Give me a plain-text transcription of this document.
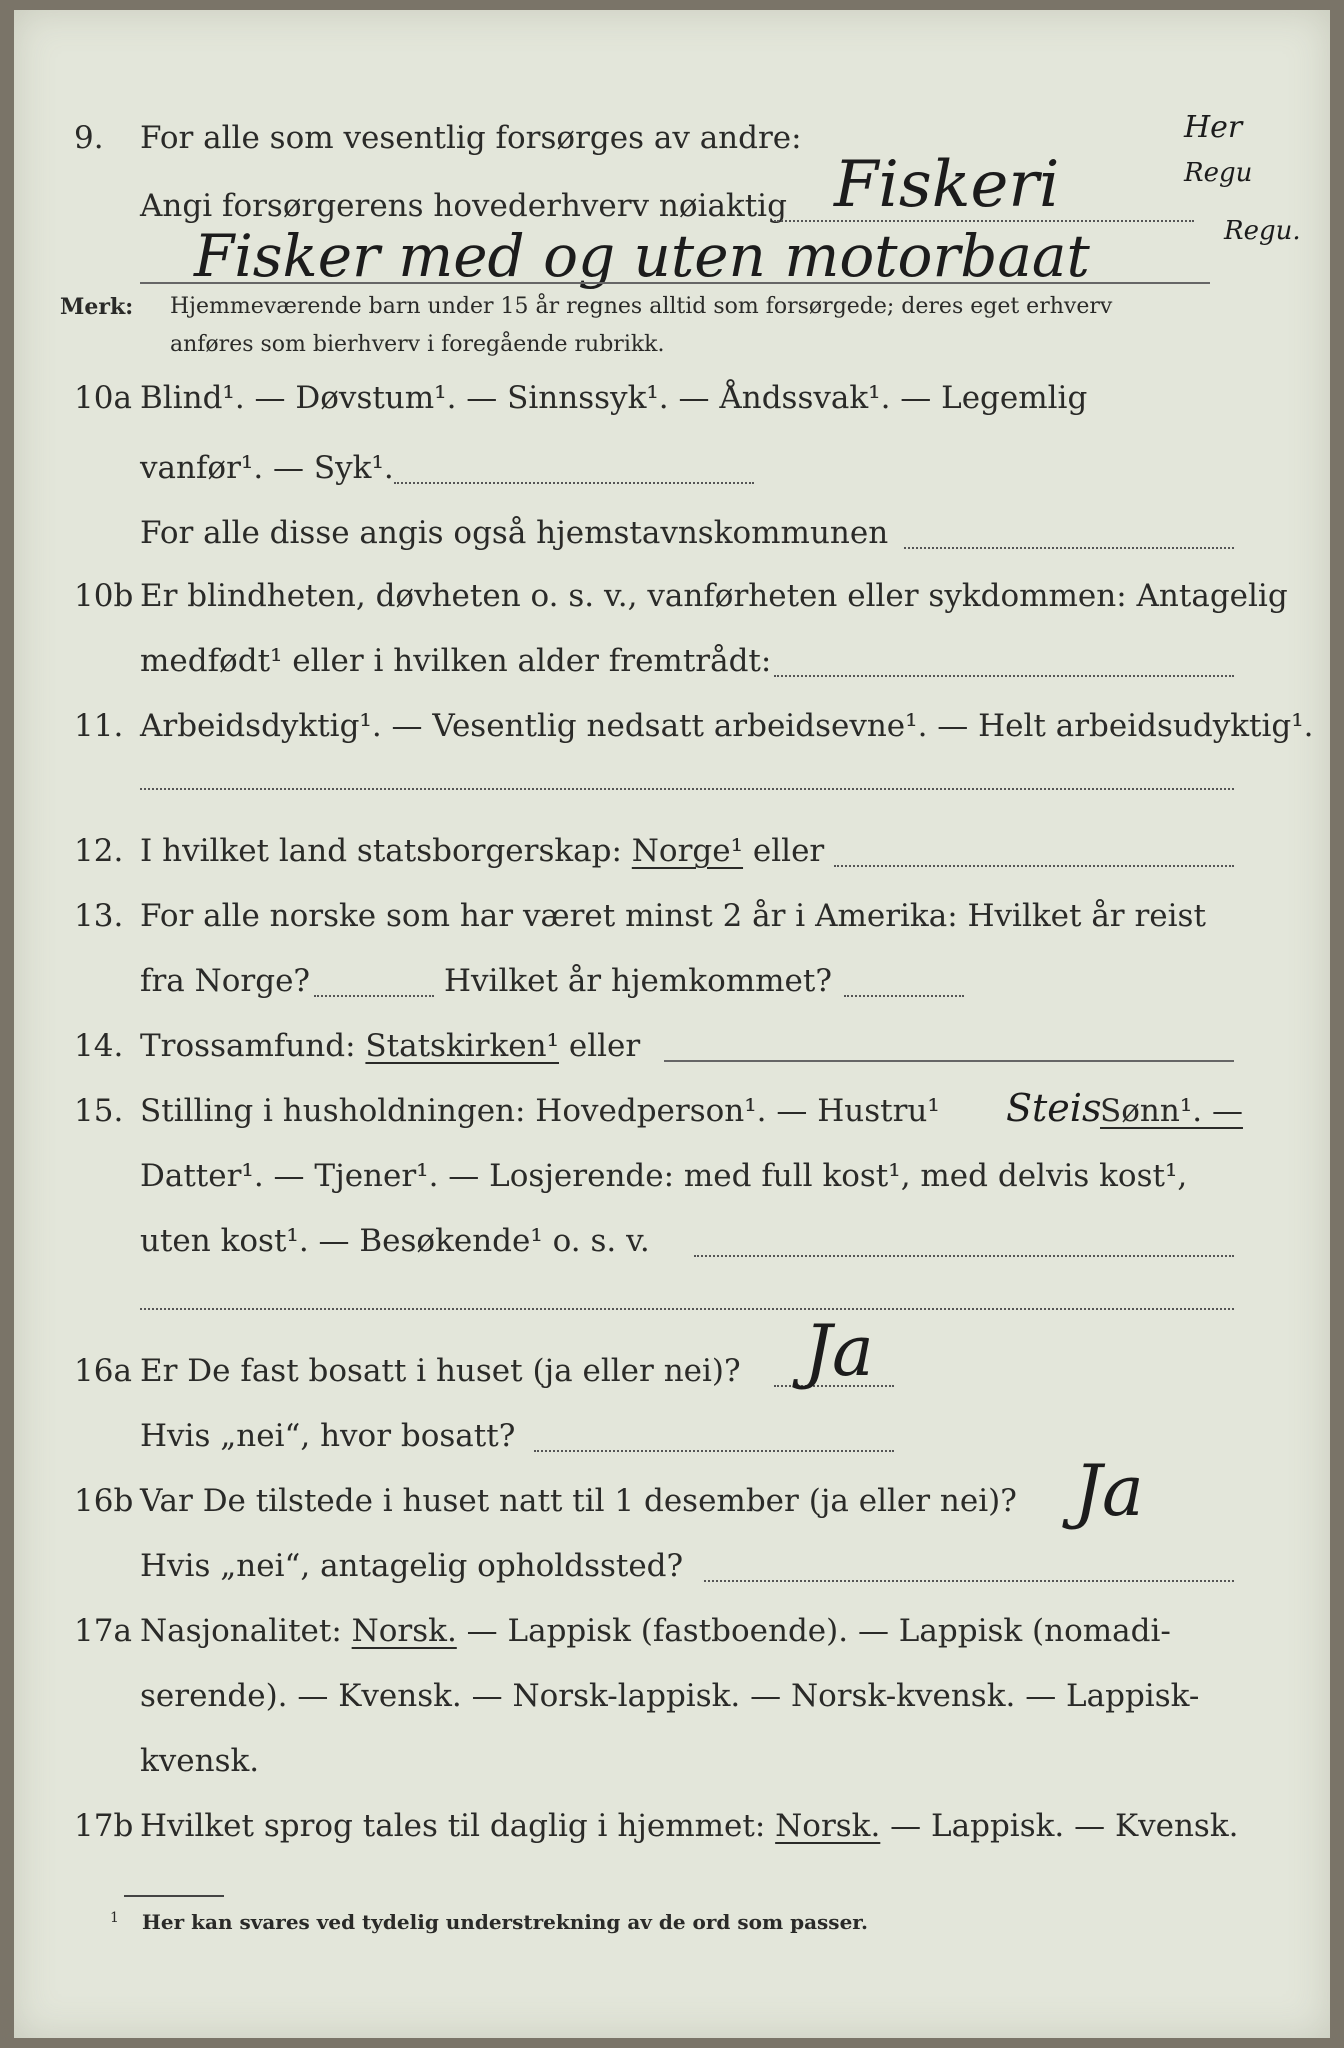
9.	For alle som vesentlig forsørges av andre:
Angi forsørgerens hovederhverv nøiaktig Fiskeri
Fisker med og uten motorbaat
Her
Regu
Regu.
Merk: Hjemmeværende barn under 15 år regnes alltid som forsørgede; deres eget erhverv
anføres som bierhverv i foregående rubrikk.
10a Blind¹. — Døvstum¹. — Sinnssyk¹. — Åndssvak¹. — Legemlig
vanfør¹. — Syk¹.
For alle disse angis også hjemstavnskommunen
10b Er blindheten, døvheten o. s. v., vanførheten eller sykdommen: Antagelig
medfødt¹ eller i hvilken alder fremtrådt:
11. Arbeidsdyktig¹. — Vesentlig nedsatt arbeidsevne¹. — Helt arbeidsudyktig¹.
12. I hvilket land statsborgerskap: Norge¹ eller
13. For alle norske som har været minst 2 år i Amerika: Hvilket år reist
fra Norge?	Hvilket år hjemkommet?
14. Trossamfund: Statskirken¹ eller
15. Stilling i husholdningen: Hovedperson¹. — Hustru¹	Sønn¹. —
Steis
Datter¹. — Tjener¹. — Losjerende: med full kost¹, med delvis kost¹,
uten kost¹. — Besøkende¹ o. s. v.
16a Er De fast bosatt i huset (ja eller nei)? Ja
Hvis „nei“, hvor bosatt?
16b Var De tilstede i huset natt til 1 desember (ja eller nei)? Ja
Hvis „nei“, antagelig opholdssted?
17a Nasjonalitet: Norsk. — Lappisk (fastboende). — Lappisk (nomadi-
serende). — Kvensk. — Norsk-lappisk. — Norsk-kvensk. — Lappisk-
kvensk.
17b Hvilket sprog tales til daglig i hjemmet: Norsk. — Lappisk. — Kvensk.
1 Her kan svares ved tydelig understrekning av de ord som passer.
